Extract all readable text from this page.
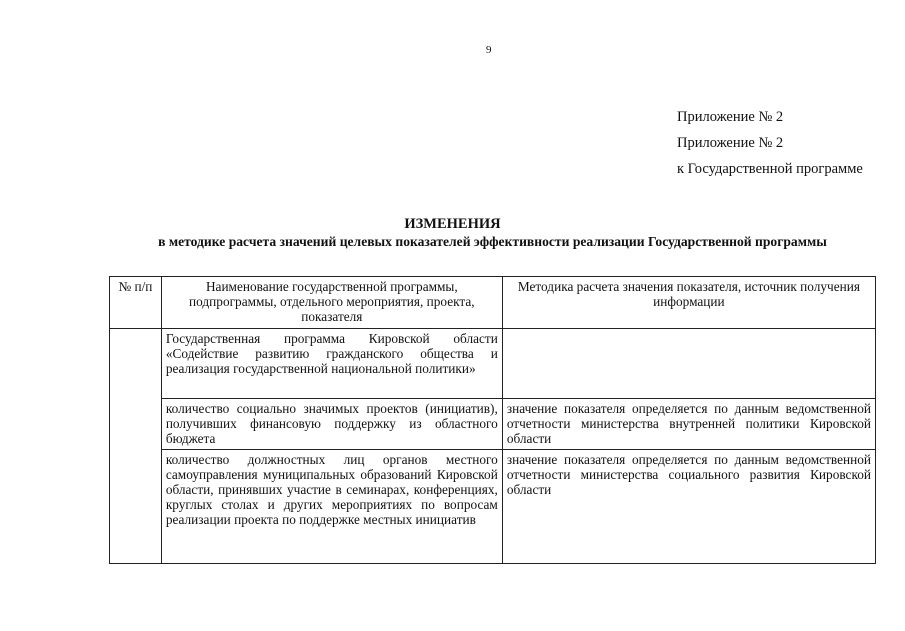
9
Приложение № 2
Приложение № 2
к Государственной программе
ИЗМЕНЕНИЯ
в методике расчета значений целевых показателей эффективности реализации Государственной программы
№ п/п	Наименование государственной программы, подпрограммы, отдельного мероприятия, проекта, показателя	Методика расчета значения показателя, источник получения информации
	Государственная программа Кировской области «Содействие развитию гражданского общества и реализация государственной национальной политики»	
	количество социально значимых проектов (инициатив), получивших финансовую поддержку из областного бюджета	значение показателя определяется по данным ведомственной отчетности министерства внутренней политики Кировской области
	количество должностных лиц органов местного самоуправления муниципальных образований Кировской области, принявших участие в семинарах, конференциях, круглых столах и других мероприятиях по вопросам реализации проекта по поддержке местных инициатив	значение показателя определяется по данным ведомственной отчетности министерства социального развития Кировской области
